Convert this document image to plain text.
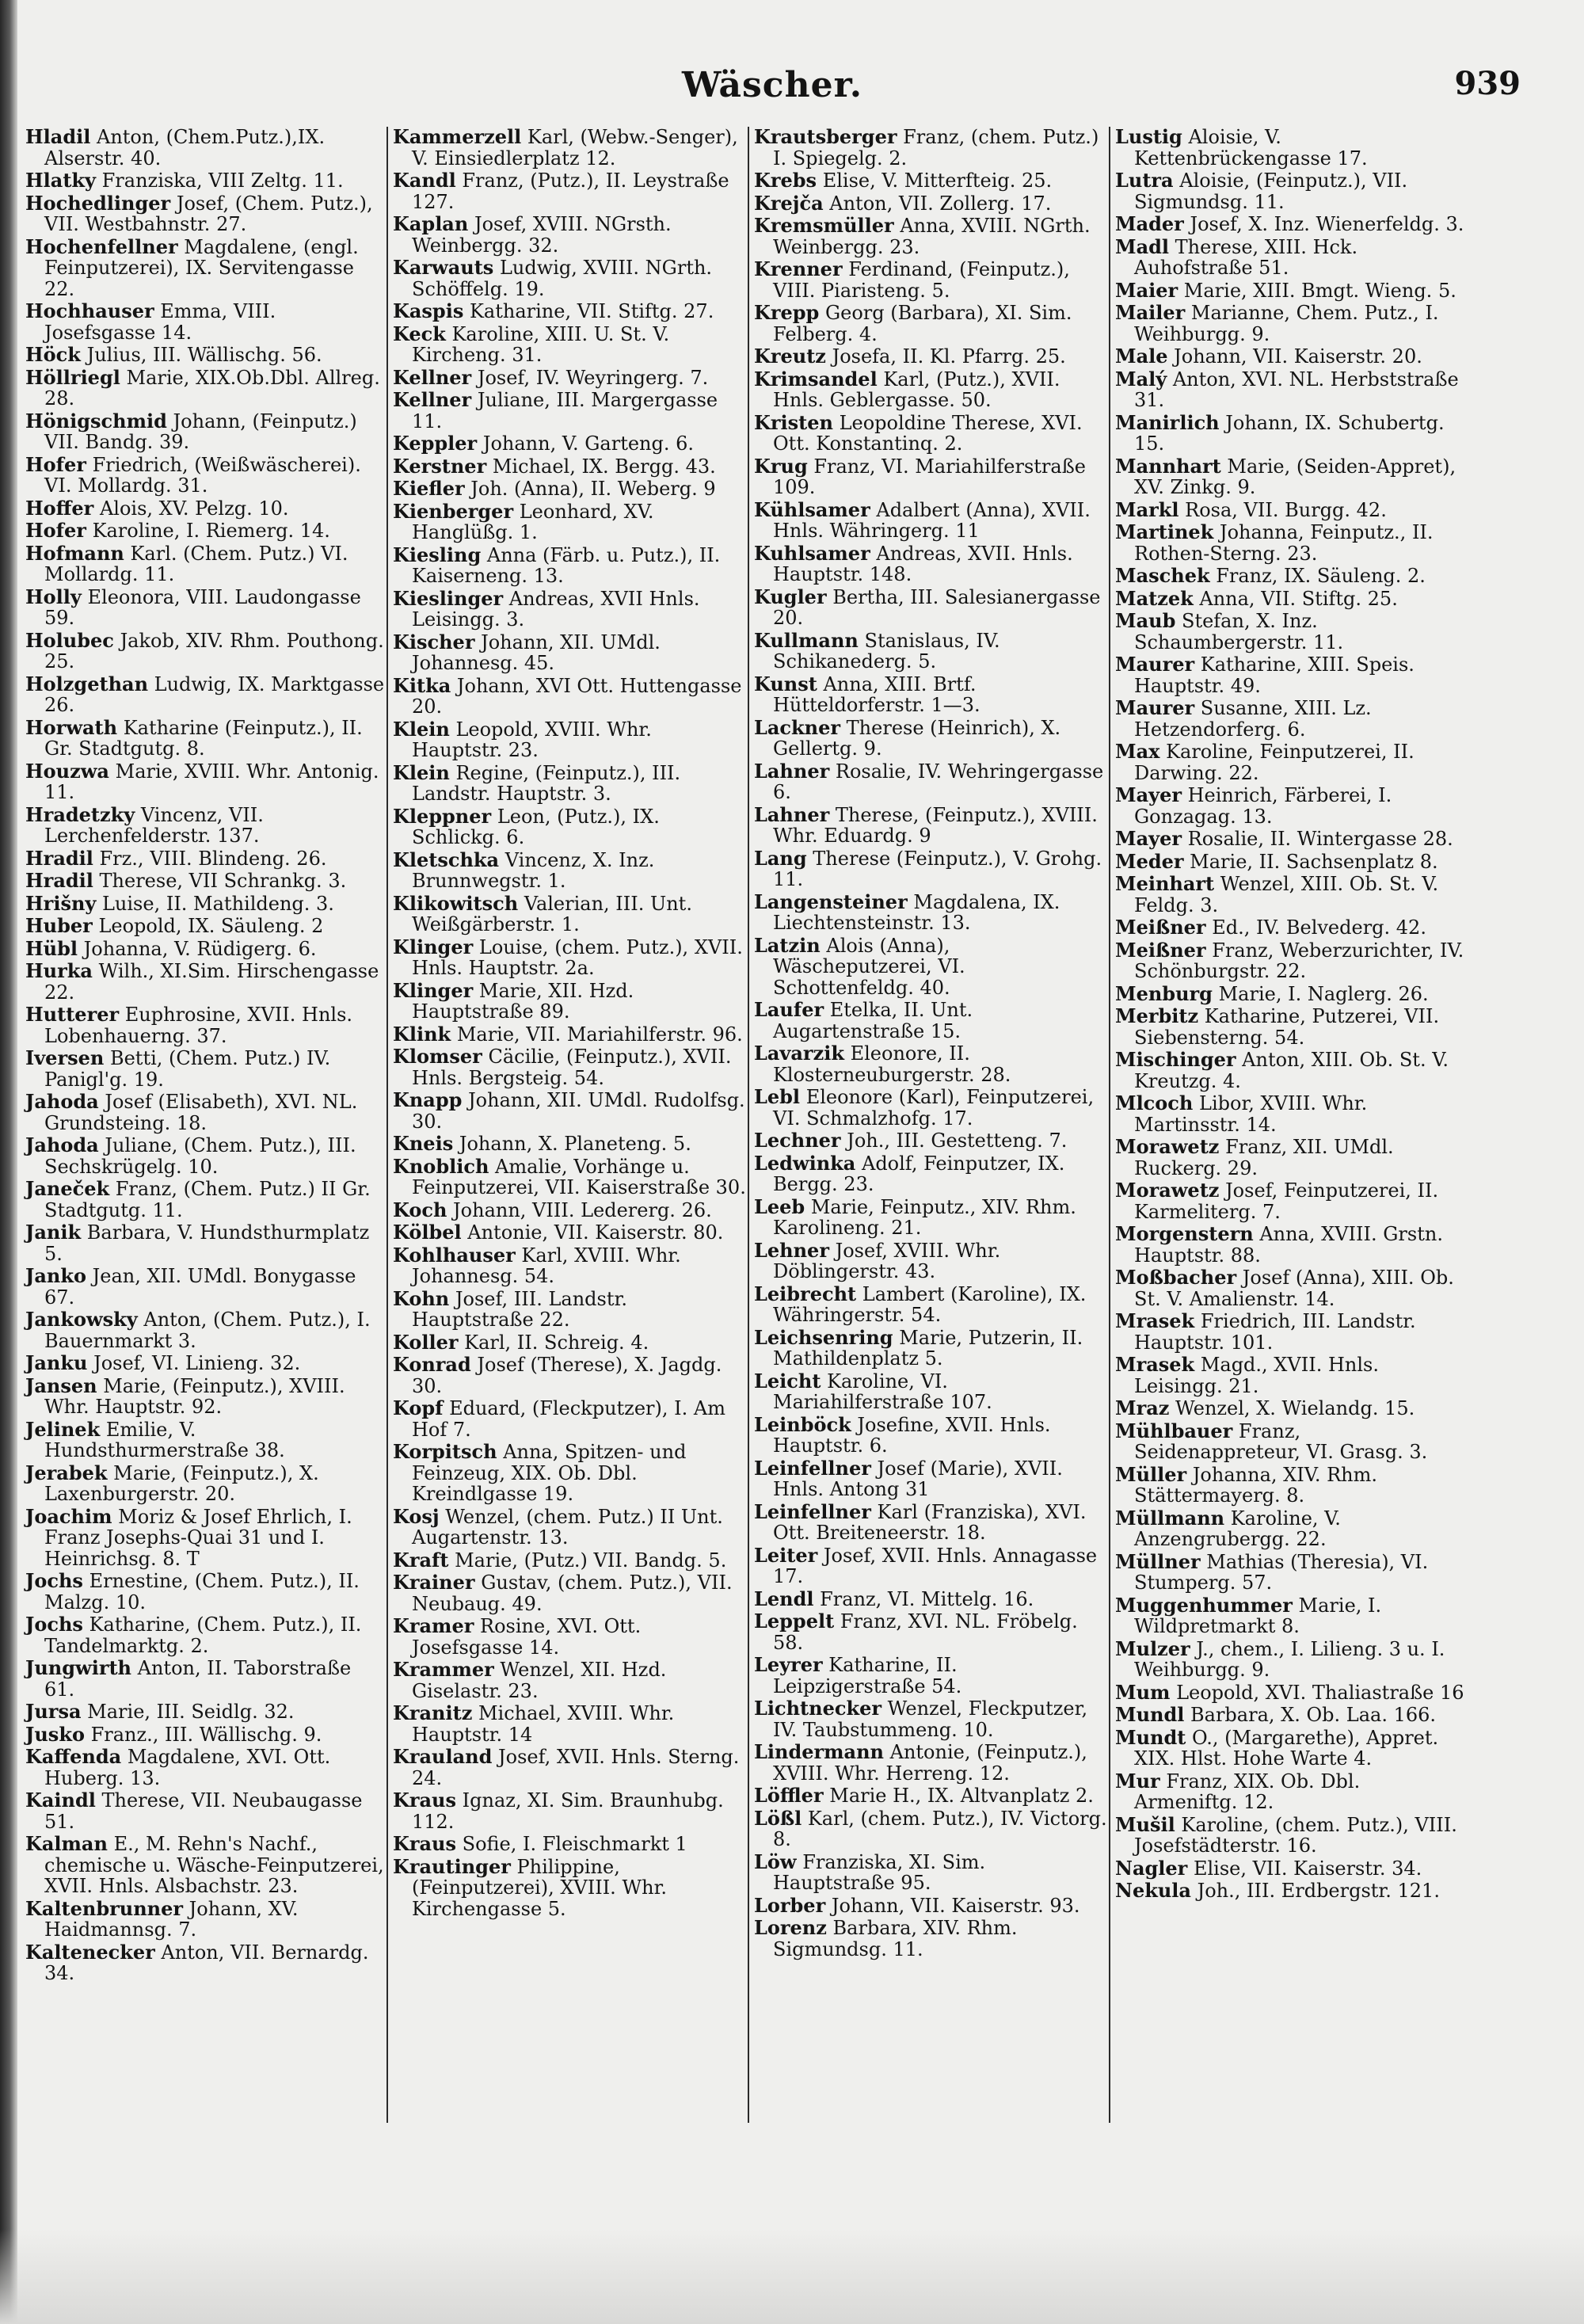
Wäscher.	939
Hladil Anton, (Chem.Putz.),IX. Alserstr. 40.
Hlatky Franziska, VIII Zeltg. 11.
Hochedlinger Josef, (Chem. Putz.), VII. Westbahnstr. 27.
Hochenfellner Magdalene, (engl. Feinputzerei), IX. Servitengasse 22.
Hochhauser Emma, VIII. Josefsgasse 14.
Höck Julius, III. Wällischg. 56.
Höllriegl Marie, XIX.Ob.Dbl. Allreg. 28.
Hönigschmid Johann, (Feinputz.) VII. Bandg. 39.
Hofer Friedrich, (Weißwäscherei). VI. Mollardg. 31.
Hoffer Alois, XV. Pelzg. 10.
Hofer Karoline, I. Riemerg. 14.
Hofmann Karl. (Chem. Putz.) VI. Mollardg. 11.
Holly Eleonora, VIII. Laudongasse 59.
Holubec Jakob, XIV. Rhm. Pouthong. 25.
Holzgethan Ludwig, IX. Marktgasse 26.
Horwath Katharine (Feinputz.), II. Gr. Stadtgutg. 8.
Houzwa Marie, XVIII. Whr. Antonig. 11.
Hradetzky Vincenz, VII. Lerchenfelderstr. 137.
Hradil Frz., VIII. Blindeng. 26.
Hradil Therese, VII Schrankg. 3.
Hrišny Luise, II. Mathildeng. 3.
Huber Leopold, IX. Säuleng. 2
Hübl Johanna, V. Rüdigerg. 6.
Hurka Wilh., XI.Sim. Hirschengasse 22.
Hutterer Euphrosine, XVII. Hnls. Lobenhauerng. 37.
Iversen Betti, (Chem. Putz.) IV. Panigl'g. 19.
Jahoda Josef (Elisabeth), XVI. NL. Grundsteing. 18.
Jahoda Juliane, (Chem. Putz.), III. Sechskrügelg. 10.
Janeček Franz, (Chem. Putz.) II Gr. Stadtgutg. 11.
Janik Barbara, V. Hundsthurmplatz 5.
Janko Jean, XII. UMdl. Bonygasse 67.
Jankowsky Anton, (Chem. Putz.), I. Bauernmarkt 3.
Janku Josef, VI. Linieng. 32.
Jansen Marie, (Feinputz.), XVIII. Whr. Hauptstr. 92.
Jelinek Emilie, V. Hundsthurmerstraße 38.
Jerabek Marie, (Feinputz.), X. Laxenburgerstr. 20.
Joachim Moriz & Josef Ehrlich, I. Franz Josephs-Quai 31 und I. Heinrichsg. 8. T
Jochs Ernestine, (Chem. Putz.), II. Malzg. 10.
Jochs Katharine, (Chem. Putz.), II. Tandelmarktg. 2.
Jungwirth Anton, II. Taborstraße 61.
Jursa Marie, III. Seidlg. 32.
Jusko Franz., III. Wällischg. 9.
Kaffenda Magdalene, XVI. Ott. Huberg. 13.
Kaindl Therese, VII. Neubaugasse 51.
Kalman E., M. Rehn's Nachf., chemische u. Wäsche-Feinputzerei, XVII. Hnls. Alsbachstr. 23.
Kaltenbrunner Johann, XV. Haidmannsg. 7.
Kaltenecker Anton, VII. Bernardg. 34.
Kammerzell Karl, (Webw.-Senger), V. Einsiedlerplatz 12.
Kandl Franz, (Putz.), II. Leystraße 127.
Kaplan Josef, XVIII. NGrsth. Weinbergg. 32.
Karwauts Ludwig, XVIII. NGrth. Schöffelg. 19.
Kaspis Katharine, VII. Stiftg. 27.
Keck Karoline, XIII. U. St. V. Kircheng. 31.
Kellner Josef, IV. Weyringerg. 7.
Kellner Juliane, III. Margergasse 11.
Keppler Johann, V. Garteng. 6.
Kerstner Michael, IX. Bergg. 43.
Kiefler Joh. (Anna), II. Weberg. 9
Kienberger Leonhard, XV. Hanglüßg. 1.
Kiesling Anna (Färb. u. Putz.), II. Kaiserneng. 13.
Kieslinger Andreas, XVII Hnls. Leisingg. 3.
Kischer Johann, XII. UMdl. Johannesg. 45.
Kitka Johann, XVI Ott. Huttengasse 20.
Klein Leopold, XVIII. Whr. Hauptstr. 23.
Klein Regine, (Feinputz.), III. Landstr. Hauptstr. 3.
Kleppner Leon, (Putz.), IX. Schlickg. 6.
Kletschka Vincenz, X. Inz. Brunnwegstr. 1.
Klikowitsch Valerian, III. Unt. Weißgärberstr. 1.
Klinger Louise, (chem. Putz.), XVII. Hnls. Hauptstr. 2a.
Klinger Marie, XII. Hzd. Hauptstraße 89.
Klink Marie, VII. Mariahilferstr. 96.
Klomser Cäcilie, (Feinputz.), XVII. Hnls. Bergsteig. 54.
Knapp Johann, XII. UMdl. Rudolfsg. 30.
Kneis Johann, X. Planeteng. 5.
Knoblich Amalie, Vorhänge u. Feinputzerei, VII. Kaiserstraße 30.
Koch Johann, VIII. Ledererg. 26.
Kölbel Antonie, VII. Kaiserstr. 80.
Kohlhauser Karl, XVIII. Whr. Johannesg. 54.
Kohn Josef, III. Landstr. Hauptstraße 22.
Koller Karl, II. Schreig. 4.
Konrad Josef (Therese), X. Jagdg. 30.
Kopf Eduard, (Fleckputzer), I. Am Hof 7.
Korpitsch Anna, Spitzen- und Feinzeug, XIX. Ob. Dbl. Kreindlgasse 19.
Kosj Wenzel, (chem. Putz.) II Unt. Augartenstr. 13.
Kraft Marie, (Putz.) VII. Bandg. 5.
Krainer Gustav, (chem. Putz.), VII. Neubaug. 49.
Kramer Rosine, XVI. Ott. Josefsgasse 14.
Krammer Wenzel, XII. Hzd. Giselastr. 23.
Kranitz Michael, XVIII. Whr. Hauptstr. 14
Krauland Josef, XVII. Hnls. Sterng. 24.
Kraus Ignaz, XI. Sim. Braunhubg. 112.
Kraus Sofie, I. Fleischmarkt 1
Krautinger Philippine, (Feinputzerei), XVIII. Whr. Kirchengasse 5.
Krautsberger Franz, (chem. Putz.) I. Spiegelg. 2.
Krebs Elise, V. Mitterfteig. 25.
Krejča Anton, VII. Zollerg. 17.
Kremsmüller Anna, XVIII. NGrth. Weinbergg. 23.
Krenner Ferdinand, (Feinputz.), VIII. Piaristeng. 5.
Krepp Georg (Barbara), XI. Sim. Felberg. 4.
Kreutz Josefa, II. Kl. Pfarrg. 25.
Krimsandel Karl, (Putz.), XVII. Hnls. Geblergasse. 50.
Kristen Leopoldine Therese, XVI. Ott. Konstantinq. 2.
Krug Franz, VI. Mariahilferstraße 109.
Kühlsamer Adalbert (Anna), XVII. Hnls. Währingerg. 11
Kuhlsamer Andreas, XVII. Hnls. Hauptstr. 148.
Kugler Bertha, III. Salesianergasse 20.
Kullmann Stanislaus, IV. Schikanederg. 5.
Kunst Anna, XIII. Brtf. Hütteldorferstr. 1—3.
Lackner Therese (Heinrich), X. Gellertg. 9.
Lahner Rosalie, IV. Wehringergasse 6.
Lahner Therese, (Feinputz.), XVIII. Whr. Eduardg. 9
Lang Therese (Feinputz.), V. Grohg. 11.
Langensteiner Magdalena, IX. Liechtensteinstr. 13.
Latzin Alois (Anna), Wäscheputzerei, VI. Schottenfeldg. 40.
Laufer Etelka, II. Unt. Augartenstraße 15.
Lavarzik Eleonore, II. Klosterneuburgerstr. 28.
Lebl Eleonore (Karl), Feinputzerei, VI. Schmalzhofg. 17.
Lechner Joh., III. Gestetteng. 7.
Ledwinka Adolf, Feinputzer, IX. Bergg. 23.
Leeb Marie, Feinputz., XIV. Rhm. Karolineng. 21.
Lehner Josef, XVIII. Whr. Döblingerstr. 43.
Leibrecht Lambert (Karoline), IX. Währingerstr. 54.
Leichsenring Marie, Putzerin, II. Mathildenplatz 5.
Leicht Karoline, VI. Mariahilferstraße 107.
Leinböck Josefine, XVII. Hnls. Hauptstr. 6.
Leinfellner Josef (Marie), XVII. Hnls. Antong 31
Leinfellner Karl (Franziska), XVI. Ott. Breiteneerstr. 18.
Leiter Josef, XVII. Hnls. Annagasse 17.
Lendl Franz, VI. Mittelg. 16.
Leppelt Franz, XVI. NL. Fröbelg. 58.
Leyrer Katharine, II. Leipzigerstraße 54.
Lichtnecker Wenzel, Fleckputzer, IV. Taubstummeng. 10.
Lindermann Antonie, (Feinputz.), XVIII. Whr. Herreng. 12.
Löffler Marie H., IX. Altvanplatz 2.
Lößl Karl, (chem. Putz.), IV. Victorg. 8.
Löw Franziska, XI. Sim. Hauptstraße 95.
Lorber Johann, VII. Kaiserstr. 93.
Lorenz Barbara, XIV. Rhm. Sigmundsg. 11.
Lustig Aloisie, V. Kettenbrückengasse 17.
Lutra Aloisie, (Feinputz.), VII. Sigmundsg. 11.
Mader Josef, X. Inz. Wienerfeldg. 3.
Madl Therese, XIII. Hck. Auhofstraße 51.
Maier Marie, XIII. Bmgt. Wieng. 5.
Mailer Marianne, Chem. Putz., I. Weihburgg. 9.
Male Johann, VII. Kaiserstr. 20.
Malý Anton, XVI. NL. Herbststraße 31.
Manirlich Johann, IX. Schubertg. 15.
Mannhart Marie, (Seiden-Appret), XV. Zinkg. 9.
Markl Rosa, VII. Burgg. 42.
Martinek Johanna, Feinputz., II. Rothen-Sterng. 23.
Maschek Franz, IX. Säuleng. 2.
Matzek Anna, VII. Stiftg. 25.
Maub Stefan, X. Inz. Schaumbergerstr. 11.
Maurer Katharine, XIII. Speis. Hauptstr. 49.
Maurer Susanne, XIII. Lz. Hetzendorferg. 6.
Max Karoline, Feinputzerei, II. Darwing. 22.
Mayer Heinrich, Färberei, I. Gonzagag. 13.
Mayer Rosalie, II. Wintergasse 28.
Meder Marie, II. Sachsenplatz 8.
Meinhart Wenzel, XIII. Ob. St. V. Feldg. 3.
Meißner Ed., IV. Belvederg. 42.
Meißner Franz, Weberzurichter, IV. Schönburgstr. 22.
Menburg Marie, I. Naglerg. 26.
Merbitz Katharine, Putzerei, VII. Siebensterng. 54.
Mischinger Anton, XIII. Ob. St. V. Kreutzg. 4.
Mlcoch Libor, XVIII. Whr. Martinsstr. 14.
Morawetz Franz, XII. UMdl. Ruckerg. 29.
Morawetz Josef, Feinputzerei, II. Karmeliterg. 7.
Morgenstern Anna, XVIII. Grstn. Hauptstr. 88.
Moßbacher Josef (Anna), XIII. Ob. St. V. Amalienstr. 14.
Mrasek Friedrich, III. Landstr. Hauptstr. 101.
Mrasek Magd., XVII. Hnls. Leisingg. 21.
Mraz Wenzel, X. Wielandg. 15.
Mühlbauer Franz, Seidenappreteur, VI. Grasg. 3.
Müller Johanna, XIV. Rhm. Stättermayerg. 8.
Müllmann Karoline, V. Anzengrubergg. 22.
Müllner Mathias (Theresia), VI. Stumperg. 57.
Muggenhummer Marie, I. Wildpretmarkt 8.
Mulzer J., chem., I. Lilieng. 3 u. I. Weihburgg. 9.
Mum Leopold, XVI. Thaliastraße 16
Mundl Barbara, X. Ob. Laa. 166.
Mundt O., (Margarethe), Appret. XIX. Hlst. Hohe Warte 4.
Mur Franz, XIX. Ob. Dbl. Armeniftg. 12.
Mušil Karoline, (chem. Putz.), VIII. Josefstädterstr. 16.
Nagler Elise, VII. Kaiserstr. 34.
Nekula Joh., III. Erdbergstr. 121.
